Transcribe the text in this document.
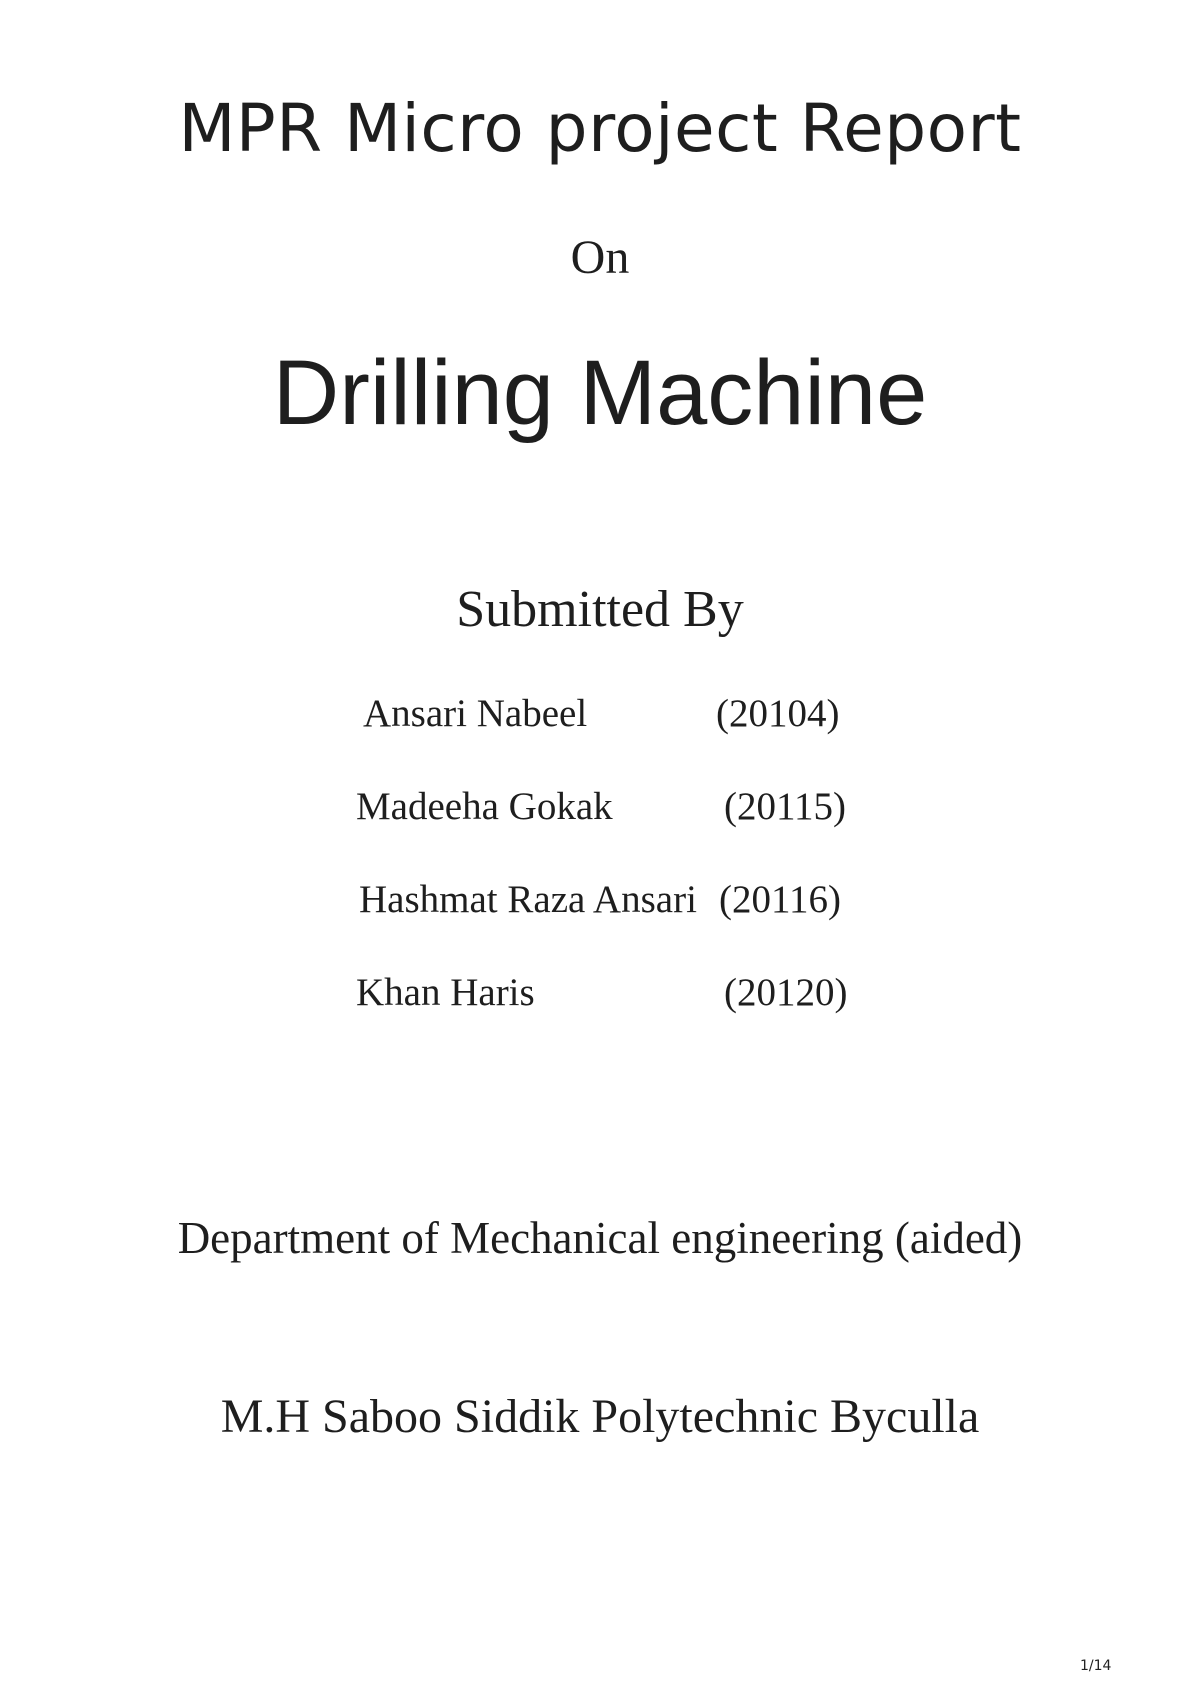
MPR Micro project Report
On
Drilling Machine
Submitted By
Ansari Nabeel	(20104)
Madeeha Gokak	(20115)
Hashmat Raza Ansari (20116)
Khan Haris	(20120)
Department of Mechanical engineering (aided)
M.H Saboo Siddik Polytechnic Byculla
1/14
